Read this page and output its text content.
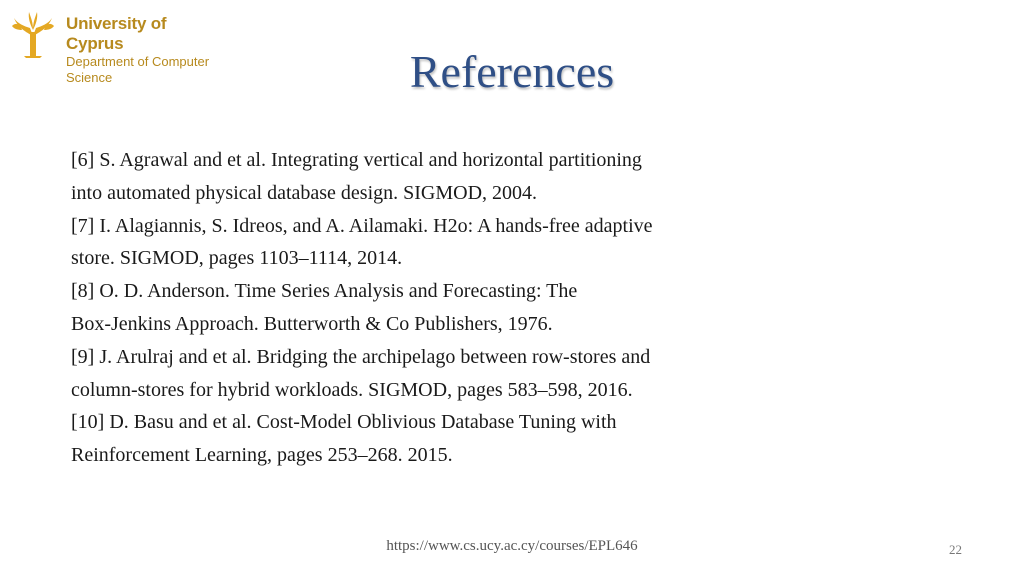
University of Cyprus
Department of Computer
Science	References
[6] S. Agrawal and et al. Integrating vertical and horizontal partitioning
into automated physical database design. SIGMOD, 2004.
[7] I. Alagiannis, S. Idreos, and A. Ailamaki. H2o: A hands-free adaptive
store. SIGMOD, pages 1103–1114, 2014.
[8] O. D. Anderson. Time Series Analysis and Forecasting: The
Box-Jenkins Approach. Butterworth & Co Publishers, 1976.
[9] J. Arulraj and et al. Bridging the archipelago between row-stores and
column-stores for hybrid workloads. SIGMOD, pages 583–598, 2016.
[10] D. Basu and et al. Cost-Model Oblivious Database Tuning with
Reinforcement Learning, pages 253–268. 2015.
https://www.cs.ucy.ac.cy/courses/EPL646	22
